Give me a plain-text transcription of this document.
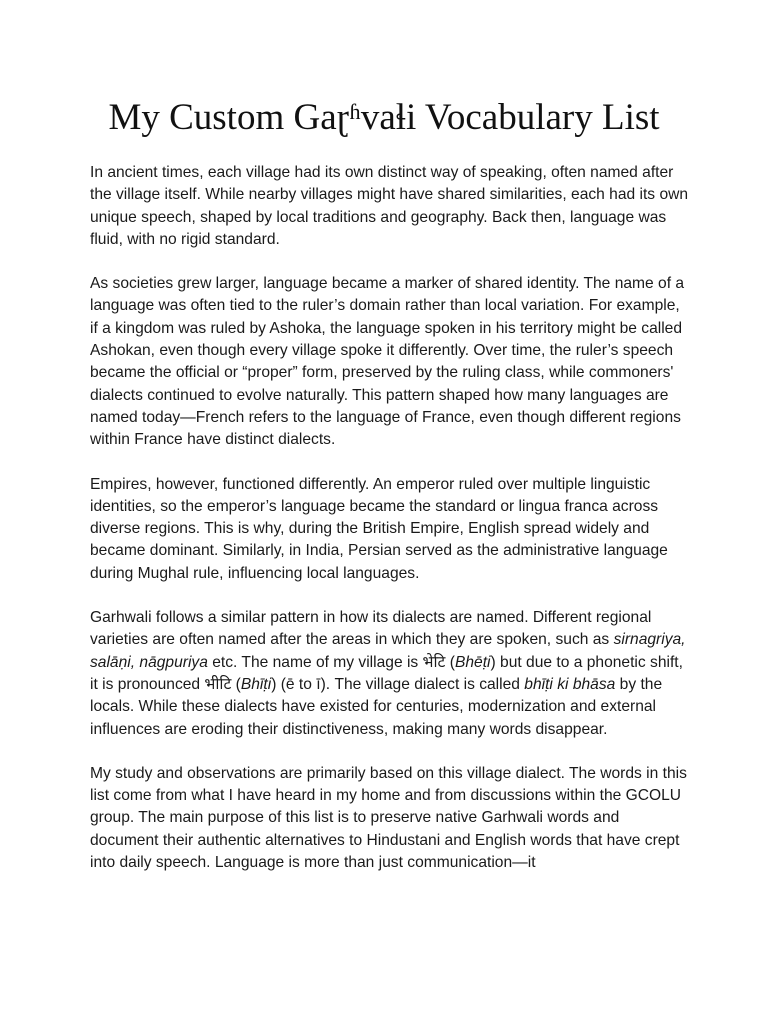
My Custom Gaɽʱvaɬi Vocabulary List

In ancient times, each village had its own distinct way of speaking, often named after the village itself. While nearby villages might have shared similarities, each had its own unique speech, shaped by local traditions and geography. Back then, language was fluid, with no rigid standard.

As societies grew larger, language became a marker of shared identity. The name of a language was often tied to the ruler’s domain rather than local variation. For example, if a kingdom was ruled by Ashoka, the language spoken in his territory might be called Ashokan, even though every village spoke it differently. Over time, the ruler’s speech became the official or “proper” form, preserved by the ruling class, while commoners' dialects continued to evolve naturally. This pattern shaped how many languages are named today—French refers to the language of France, even though different regions within France have distinct dialects.

Empires, however, functioned differently. An emperor ruled over multiple linguistic identities, so the emperor’s language became the standard or lingua franca across diverse regions. This is why, during the British Empire, English spread widely and became dominant. Similarly, in India, Persian served as the administrative language during Mughal rule, influencing local languages.

Garhwali follows a similar pattern in how its dialects are named. Different regional varieties are often named after the areas in which they are spoken, such as sirnagriya, salāṇi, nāgpuriya etc. The name of my village is भेटि (Bhēṭi) but due to a phonetic shift, it is pronounced भीटि (Bhīṭi) (ē to ī). The village dialect is called bhīṭi ki bhāsa by the locals. While these dialects have existed for centuries, modernization and external influences are eroding their distinctiveness, making many words disappear.

My study and observations are primarily based on this village dialect. The words in this list come from what I have heard in my home and from discussions within the GCOLU group. The main purpose of this list is to preserve native Garhwali words and document their authentic alternatives to Hindustani and English words that have crept into daily speech. Language is more than just communication—it
